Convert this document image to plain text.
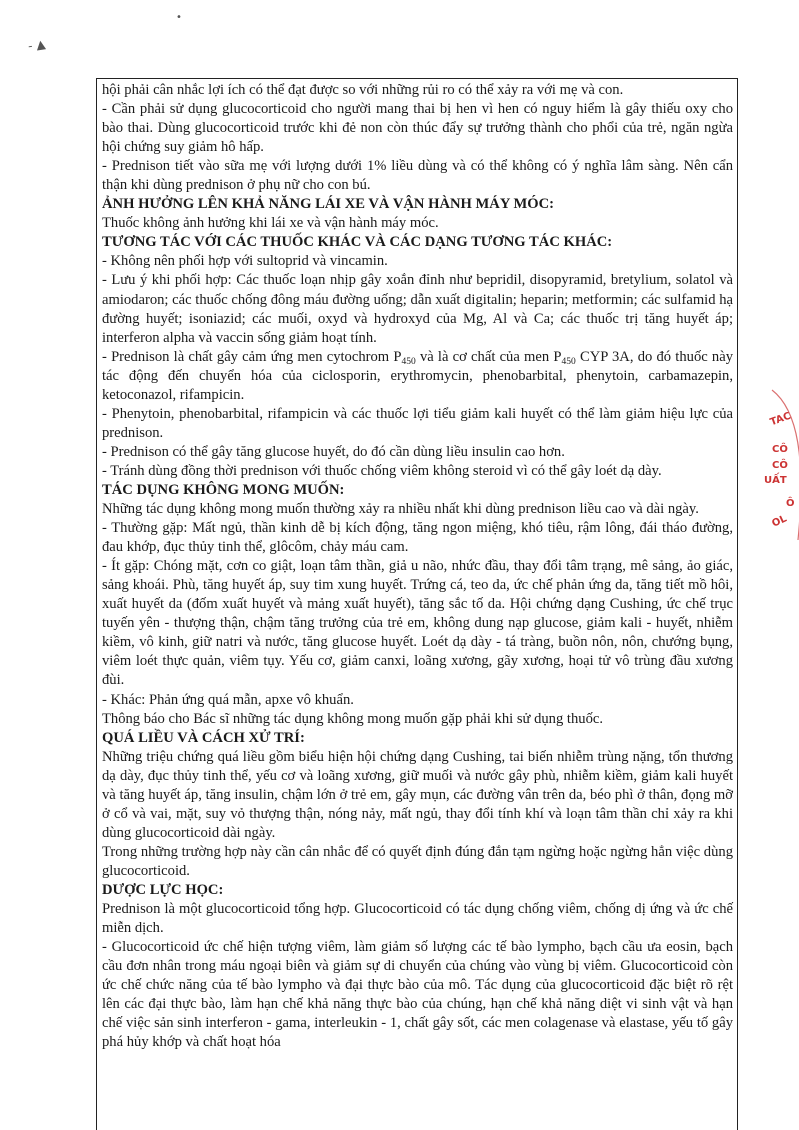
- ▲
•

hội phải cân nhắc lợi ích có thể đạt được so với những rủi ro có thể xảy ra với mẹ và con.

- Cần phải sử dụng glucocorticoid cho người mang thai bị hen vì hen có nguy hiểm là gây thiếu oxy cho bào thai. Dùng glucocorticoid trước khi đẻ non còn thúc đẩy sự trưởng thành cho phổi của trẻ, ngăn ngừa hội chứng suy giảm hô hấp.

- Prednison tiết vào sữa mẹ với lượng dưới 1% liều dùng và có thể không có ý nghĩa lâm sàng. Nên cẩn thận khi dùng prednison ở phụ nữ cho con bú.

ẢNH HƯỞNG LÊN KHẢ NĂNG LÁI XE VÀ VẬN HÀNH MÁY MÓC:

Thuốc không ảnh hưởng khi lái xe và vận hành máy móc.

TƯƠNG TÁC VỚI CÁC THUỐC KHÁC VÀ CÁC DẠNG TƯƠNG TÁC KHÁC:

- Không nên phối hợp với sultoprid và vincamin.

- Lưu ý khi phối hợp: Các thuốc loạn nhịp gây xoắn đỉnh như bepridil, disopyramid, bretylium, solatol và amiodaron; các thuốc chống đông máu đường uống; dẫn xuất digitalin; heparin; metformin; các sulfamid hạ đường huyết; isoniazid; các muối, oxyd và hydroxyd của Mg, Al và Ca; các thuốc trị tăng huyết áp; interferon alpha và vaccin sống giảm hoạt tính.

- Prednison là chất gây cảm ứng men cytochrom $P_{450}$ và là cơ chất của men $P_{450}$ CYP 3A, do đó thuốc này tác động đến chuyển hóa của ciclosporin, erythromycin, phenobarbital, phenytoin, carbamazepin, ketoconazol, rifampicin.

- Phenytoin, phenobarbital, rifampicin và các thuốc lợi tiểu giảm kali huyết có thể làm giảm hiệu lực của prednison.

- Prednison có thể gây tăng glucose huyết, do đó cần dùng liều insulin cao hơn.

- Tránh dùng đồng thời prednison với thuốc chống viêm không steroid vì có thể gây loét dạ dày.

TÁC DỤNG KHÔNG MONG MUỐN:

Những tác dụng không mong muốn thường xảy ra nhiều nhất khi dùng prednison liều cao và dài ngày.

- Thường gặp: Mất ngủ, thần kinh dễ bị kích động, tăng ngon miệng, khó tiêu, rậm lông, đái tháo đường, đau khớp, đục thủy tinh thể, glôcôm, chảy máu cam.

- Ít gặp: Chóng mặt, cơn co giật, loạn tâm thần, giả u não, nhức đầu, thay đổi tâm trạng, mê sảng, ảo giác, sảng khoái. Phù, tăng huyết áp, suy tim xung huyết. Trứng cá, teo da, ức chế phản ứng da, tăng tiết mồ hôi, xuất huyết da (đốm xuất huyết và mảng xuất huyết), tăng sắc tố da. Hội chứng dạng Cushing, ức chế trục tuyến yên - thượng thận, chậm tăng trưởng của trẻ em, không dung nạp glucose, giảm kali - huyết, nhiễm kiềm, vô kinh, giữ natri và nước, tăng glucose huyết. Loét dạ dày - tá tràng, buồn nôn, nôn, chướng bụng, viêm loét thực quản, viêm tụy. Yếu cơ, giảm canxi, loãng xương, gãy xương, hoại tử vô trùng đầu xương đùi.

- Khác: Phản ứng quá mẫn, apxe vô khuẩn.

Thông báo cho Bác sĩ những tác dụng không mong muốn gặp phải khi sử dụng thuốc.

QUÁ LIỀU VÀ CÁCH XỬ TRÍ:

Những triệu chứng quá liều gồm biểu hiện hội chứng dạng Cushing, tai biến nhiễm trùng nặng, tổn thương dạ dày, đục thủy tinh thể, yếu cơ và loãng xương, giữ muối và nước gây phù, nhiễm kiềm, giảm kali huyết và tăng huyết áp, tăng insulin, chậm lớn ở trẻ em, gây mụn, các đường vân trên da, béo phì ở thân, đọng mỡ ở cổ và vai, mặt, suy vỏ thượng thận, nóng nảy, mất ngủ, thay đổi tính khí và loạn tâm thần chỉ xảy ra khi dùng glucocorticoid dài ngày.

Trong những trường hợp này cần cân nhắc để có quyết định đúng đắn tạm ngừng hoặc ngừng hẳn việc dùng glucocorticoid.

DƯỢC LỰC HỌC:

Prednison là một glucocorticoid tổng hợp. Glucocorticoid có tác dụng chống viêm, chống dị ứng và ức chế miễn dịch.

- Glucocorticoid ức chế hiện tượng viêm, làm giảm số lượng các tế bào lympho, bạch cầu ưa eosin, bạch cầu đơn nhân trong máu ngoại biên và giảm sự di chuyển của chúng vào vùng bị viêm. Glucocorticoid còn ức chế chức năng của tế bào lympho và đại thực bào của mô. Tác dụng của glucocorticoid đặc biệt rõ rệt lên các đại thực bào, làm hạn chế khả năng thực bào của chúng, hạn chế khả năng diệt vi sinh vật và hạn chế việc sản sinh interferon - gama, interleukin - 1, chất gây sốt, các men colagenase và elastase, yếu tố gây phá hủy khớp và chất hoạt hóa

TAC
CÔ
CÔ
UẤT
Ô
OL
